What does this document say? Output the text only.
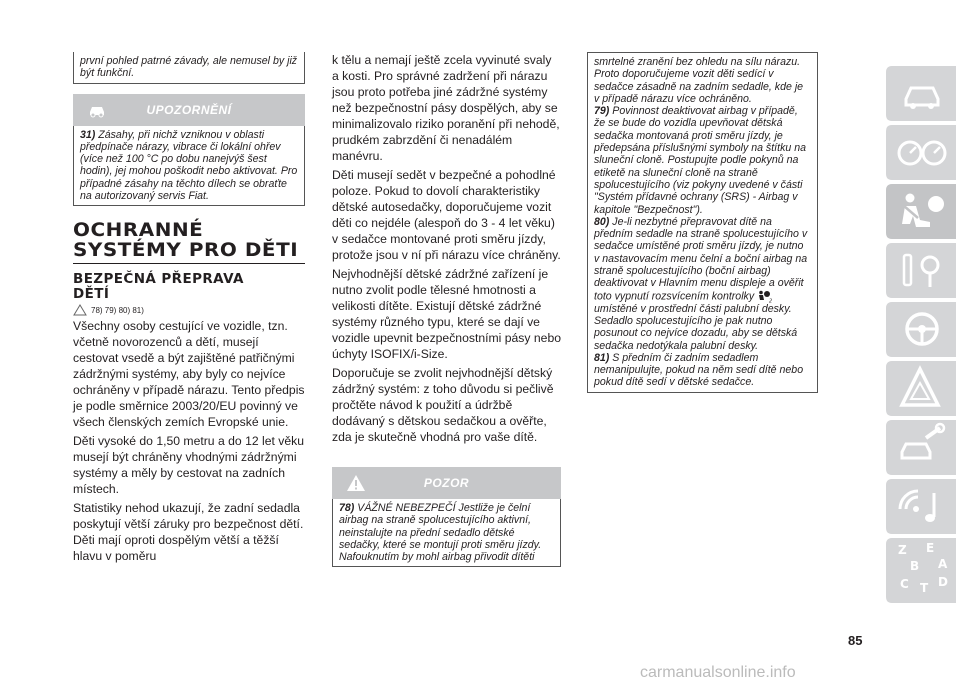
první pohled patrné závady, ale nemusel by již být funkční.
UPOZORNĚNÍ
31) Zásahy, při nichž vzniknou v oblasti předpínače nárazy, vibrace či lokální ohřev (více než 100 °C po dobu nanejvýš šest hodin), jej mohou poškodit nebo aktivovat. Pro případné zásahy na těchto dílech se obraťte na autorizovaný servis Fiat.
OCHRANNÉ
SYSTÉMY PRO DĚTI
BEZPEČNÁ PŘEPRAVA
DĚTÍ
78) 79) 80) 81)

Všechny osoby cestující ve vozidle, tzn. včetně novorozenců a dětí, musejí cestovat vsedě a být zajištěné patřičnými zádržnými systémy, aby byly co nejvíce ochráněny v případě nárazu. Tento předpis je podle směrnice 2003/20/EU povinný ve všech členských zemích Evropské unie.

Děti vysoké do 1,50 metru a do 12 let věku musejí být chráněny vhodnými zádržnými systémy a měly by cestovat na zadních místech.

Statistiky nehod ukazují, že zadní sedadla poskytují větší záruky pro bezpečnost dětí. Děti mají oproti dospělým větší a těžší hlavu v poměru

k tělu a nemají ještě zcela vyvinuté svaly a kosti. Pro správné zadržení při nárazu jsou proto potřeba jiné zádržné systémy než bezpečnostní pásy dospělých, aby se minimalizovalo riziko poranění při nehodě, prudkém zabrzdění či nenadálém manévru.

Děti musejí sedět v bezpečné a pohodlné poloze. Pokud to dovolí charakteristiky dětské autosedačky, doporučujeme vozit děti co nejdéle (alespoň do 3 - 4 let věku) v sedačce montované proti směru jízdy, protože jsou v ní při nárazu více chráněny.

Nejvhodnější dětské zádržné zařízení je nutno zvolit podle tělesné hmotnosti a velikosti dítěte. Existují dětské zádržné systémy různého typu, které se dají ve vozidle upevnit bezpečnostními pásy nebo úchyty ISOFIX/i-Size.

Doporučuje se zvolit nejvhodnější dětský zádržný systém: z toho důvodu si pečlivě pročtěte návod k použití a údržbě dodávaný s dětskou sedačkou a ověřte, zda je skutečně vhodná pro vaše dítě.

POZOR
78) VÁŽNÉ NEBEZPEČÍ Jestliže je čelní airbag na straně spolucestujícího aktivní, neinstalujte na přední sedadlo dětské sedačky, které se montují proti směru jízdy. Nafouknutím by mohl airbag přivodit dítěti
smrtelné zranění bez ohledu na sílu nárazu. Proto doporučujeme vozit děti sedící v sedačce zásadně na zadním sedadle, kde je v případě nárazu více ochráněno.
79) Povinnost deaktivovat airbag v případě, že se bude do vozidla upevňovat dětská sedačka montovaná proti směru jízdy, je předepsána příslušnými symboly na štítku na sluneční cloně. Postupujte podle pokynů na etiketě na sluneční cloně na straně spolucestujícího (viz pokyny uvedené v části "Systém přídavné ochrany (SRS) - Airbag v kapitole "Bezpečnost").
80) Je-li nezbytné přepravovat dítě na předním sedadle na straně spolucestujícího v sedačce umístěné proti směru jízdy, je nutno v nastavovacím menu čelní a boční airbag na straně spolucestujícího (boční airbag) deaktivovat v Hlavním menu displeje a ověřit toto vypnutí rozsvícením kontrolky	2
umístěné v prostřední části palubní desky. Sedadlo spolucestujícího je pak nutno posunout co nejvíce dozadu, aby se dětská sedačka nedotýkala palubní desky.
81) S předním či zadním sedadlem nemanipulujte, pokud na něm sedí dítě nebo pokud dítě sedí v dětské sedačce.
Z E
B A
C T D
85
carmanualsonline.info
